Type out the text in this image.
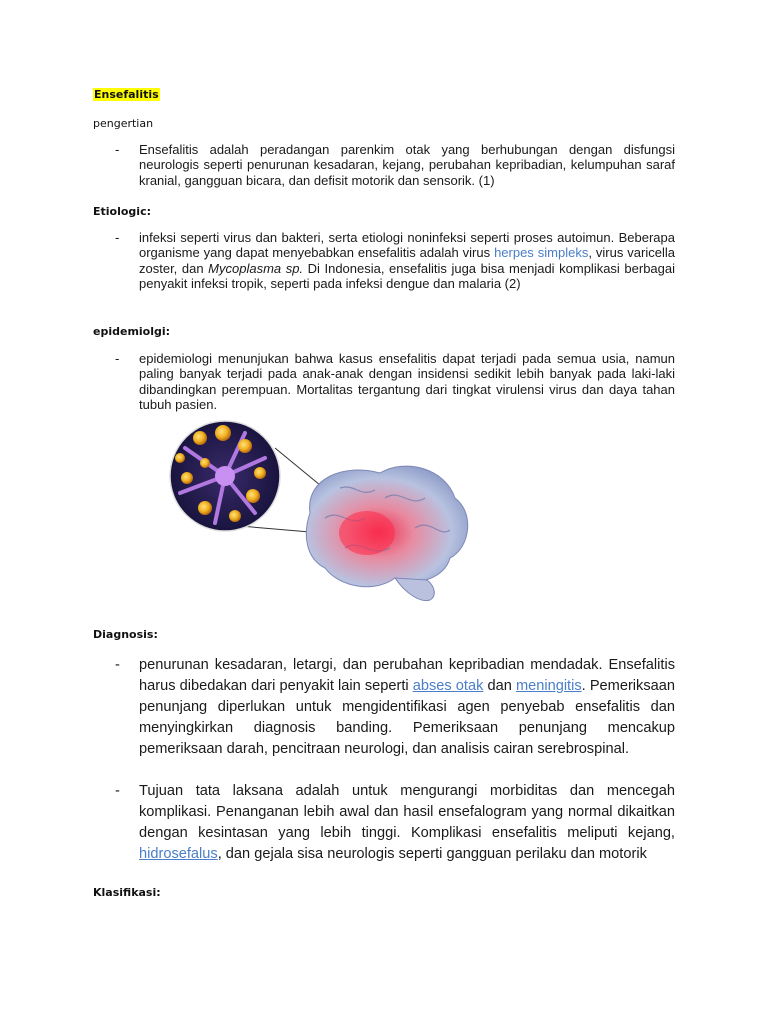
Ensefalitis

pengertian

- Ensefalitis adalah peradangan parenkim otak yang berhubungan dengan disfungsi neurologis seperti penurunan kesadaran, kejang, perubahan kepribadian, kelumpuhan saraf kranial, gangguan bicara, dan defisit motorik dan sensorik. (1)

Etiologic:

- infeksi seperti virus dan bakteri, serta etiologi noninfeksi seperti proses autoimun. Beberapa organisme yang dapat menyebabkan ensefalitis adalah virus herpes simpleks, virus varicella zoster, dan Mycoplasma sp. Di Indonesia, ensefalitis juga bisa menjadi komplikasi berbagai penyakit infeksi tropik, seperti pada infeksi dengue dan malaria (2)

epidemiolgi:

- epidemiologi menunjukan bahwa kasus ensefalitis dapat terjadi pada semua usia, namun paling banyak terjadi pada anak-anak dengan insidensi sedikit lebih banyak pada laki-laki dibandingkan perempuan. Mortalitas tergantung dari tingkat virulensi virus dan daya tahan tubuh pasien.

Diagnosis:

- penurunan kesadaran, letargi, dan perubahan kepribadian mendadak. Ensefalitis harus dibedakan dari penyakit lain seperti abses otak dan meningitis. Pemeriksaan penunjang diperlukan untuk mengidentifikasi agen penyebab ensefalitis dan menyingkirkan diagnosis banding. Pemeriksaan penunjang mencakup pemeriksaan darah, pencitraan neurologi, dan analisis cairan serebrospinal.
- Tujuan tata laksana adalah untuk mengurangi morbiditas dan mencegah komplikasi. Penanganan lebih awal dan hasil ensefalogram yang normal dikaitkan dengan kesintasan yang lebih tinggi. Komplikasi ensefalitis meliputi kejang, hidrosefalus, dan gejala sisa neurologis seperti gangguan perilaku dan motorik

Klasifikasi:
